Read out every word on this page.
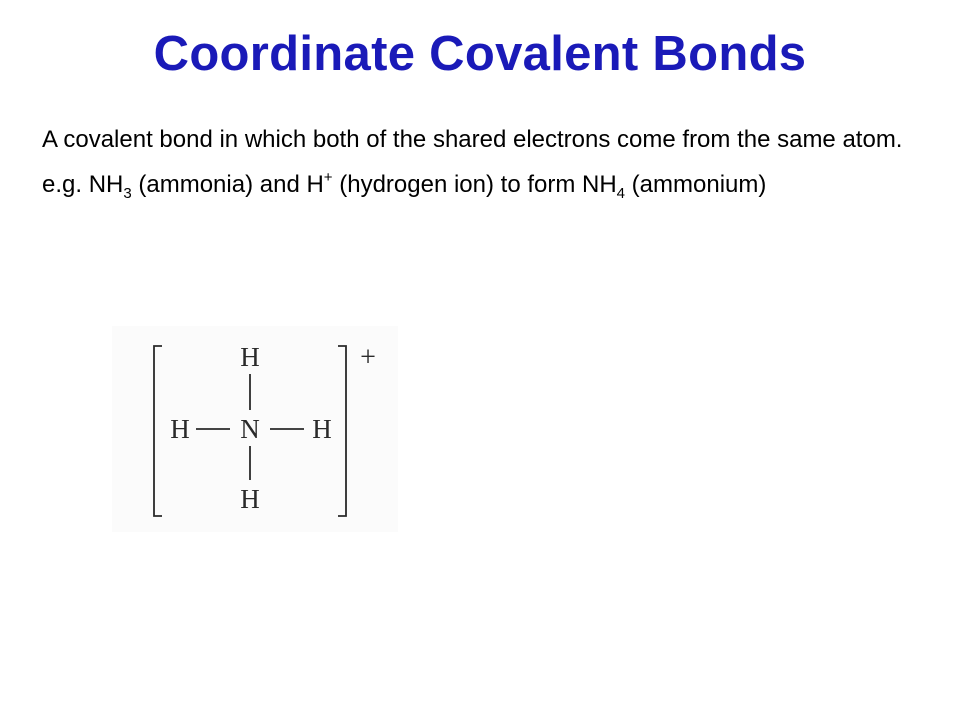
Coordinate Covalent Bonds

A covalent bond in which both of the shared electrons come from the same atom.

e.g. $NH_3$ (ammonia) and H+ (hydrogen ion) to form $NH_4$ (ammonium)

H
N
H	H
H
+
